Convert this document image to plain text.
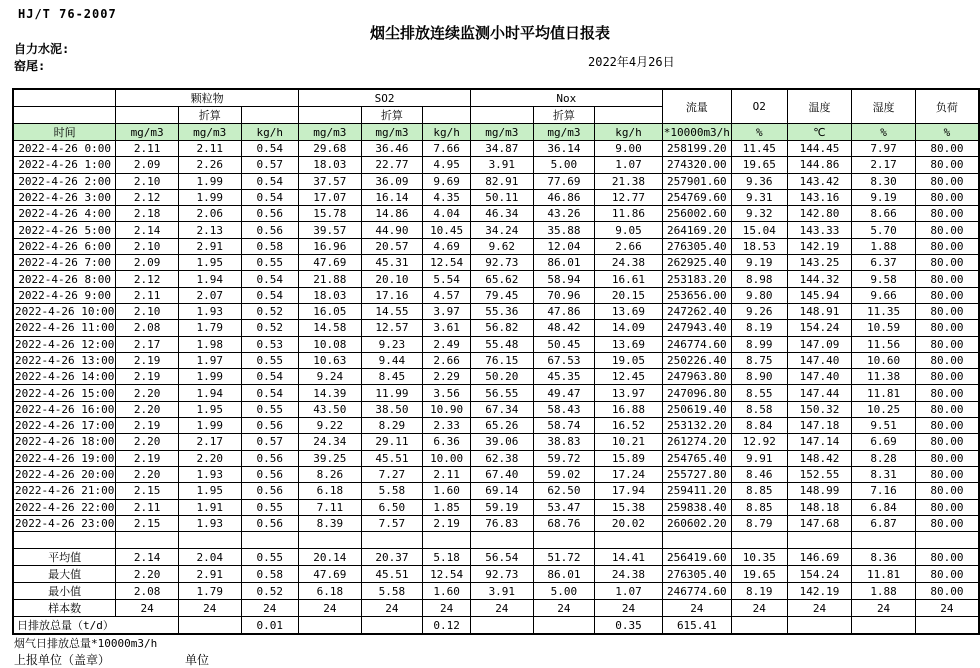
HJ/T 76-2007
烟尘排放连续监测小时平均值日报表
自力水泥:
窑尾:	2022年4月26日
	颗粒物			SO2			Nox			流量	O2	温度	湿度	负荷
		折算			折算			折算						
时间	mg/m3	mg/m3	kg/h	mg/m3	mg/m3	kg/h	mg/m3	mg/m3	kg/h	*10000m3/h	%	℃	%	%
2022-4-26 0:00	2.11	2.11	0.54	29.68	36.46	7.66	34.87	36.14	9.00	258199.20	11.45	144.45	7.97	80.00
2022-4-26 1:00	2.09	2.26	0.57	18.03	22.77	4.95	3.91	5.00	1.07	274320.00	19.65	144.86	2.17	80.00
2022-4-26 2:00	2.10	1.99	0.54	37.57	36.09	9.69	82.91	77.69	21.38	257901.60	9.36	143.42	8.30	80.00
2022-4-26 3:00	2.12	1.99	0.54	17.07	16.14	4.35	50.11	46.86	12.77	254769.60	9.31	143.16	9.19	80.00
2022-4-26 4:00	2.18	2.06	0.56	15.78	14.86	4.04	46.34	43.26	11.86	256002.60	9.32	142.80	8.66	80.00
2022-4-26 5:00	2.14	2.13	0.56	39.57	44.90	10.45	34.24	35.88	9.05	264169.20	15.04	143.33	5.70	80.00
2022-4-26 6:00	2.10	2.91	0.58	16.96	20.57	4.69	9.62	12.04	2.66	276305.40	18.53	142.19	1.88	80.00
2022-4-26 7:00	2.09	1.95	0.55	47.69	45.31	12.54	92.73	86.01	24.38	262925.40	9.19	143.25	6.37	80.00
2022-4-26 8:00	2.12	1.94	0.54	21.88	20.10	5.54	65.62	58.94	16.61	253183.20	8.98	144.32	9.58	80.00
2022-4-26 9:00	2.11	2.07	0.54	18.03	17.16	4.57	79.45	70.96	20.15	253656.00	9.80	145.94	9.66	80.00
2022-4-26 10:00	2.10	1.93	0.52	16.05	14.55	3.97	55.36	47.86	13.69	247262.40	9.26	148.91	11.35	80.00
2022-4-26 11:00	2.08	1.79	0.52	14.58	12.57	3.61	56.82	48.42	14.09	247943.40	8.19	154.24	10.59	80.00
2022-4-26 12:00	2.17	1.98	0.53	10.08	9.23	2.49	55.48	50.45	13.69	246774.60	8.99	147.09	11.56	80.00
2022-4-26 13:00	2.19	1.97	0.55	10.63	9.44	2.66	76.15	67.53	19.05	250226.40	8.75	147.40	10.60	80.00
2022-4-26 14:00	2.19	1.99	0.54	9.24	8.45	2.29	50.20	45.35	12.45	247963.80	8.90	147.40	11.38	80.00
2022-4-26 15:00	2.20	1.94	0.54	14.39	11.99	3.56	56.55	49.47	13.97	247096.80	8.55	147.44	11.81	80.00
2022-4-26 16:00	2.20	1.95	0.55	43.50	38.50	10.90	67.34	58.43	16.88	250619.40	8.58	150.32	10.25	80.00
2022-4-26 17:00	2.19	1.99	0.56	9.22	8.29	2.33	65.26	58.74	16.52	253132.20	8.84	147.18	9.51	80.00
2022-4-26 18:00	2.20	2.17	0.57	24.34	29.11	6.36	39.06	38.83	10.21	261274.20	12.92	147.14	6.69	80.00
2022-4-26 19:00	2.19	2.20	0.56	39.25	45.51	10.00	62.38	59.72	15.89	254765.40	9.91	148.42	8.28	80.00
2022-4-26 20:00	2.20	1.93	0.56	8.26	7.27	2.11	67.40	59.02	17.24	255727.80	8.46	152.55	8.31	80.00
2022-4-26 21:00	2.15	1.95	0.56	6.18	5.58	1.60	69.14	62.50	17.94	259411.20	8.85	148.99	7.16	80.00
2022-4-26 22:00	2.11	1.91	0.55	7.11	6.50	1.85	59.19	53.47	15.38	259838.40	8.85	148.18	6.84	80.00
2022-4-26 23:00	2.15	1.93	0.56	8.39	7.57	2.19	76.83	68.76	20.02	260602.20	8.79	147.68	6.87	80.00

平均值	2.14	2.04	0.55	20.14	20.37	5.18	56.54	51.72	14.41	256419.60	10.35	146.69	8.36	80.00
最大值	2.20	2.91	0.58	47.69	45.51	12.54	92.73	86.01	24.38	276305.40	19.65	154.24	11.81	80.00
最小值	2.08	1.79	0.52	6.18	5.58	1.60	3.91	5.00	1.07	246774.60	8.19	142.19	1.88	80.00
样本数	24	24	24	24	24	24	24	24	24	24	24	24	24	24
日排放总量（t/d）			0.01			0.12			0.35	615.41				
烟气日排放总量*10000m3/h
上报单位（盖章）	单位
